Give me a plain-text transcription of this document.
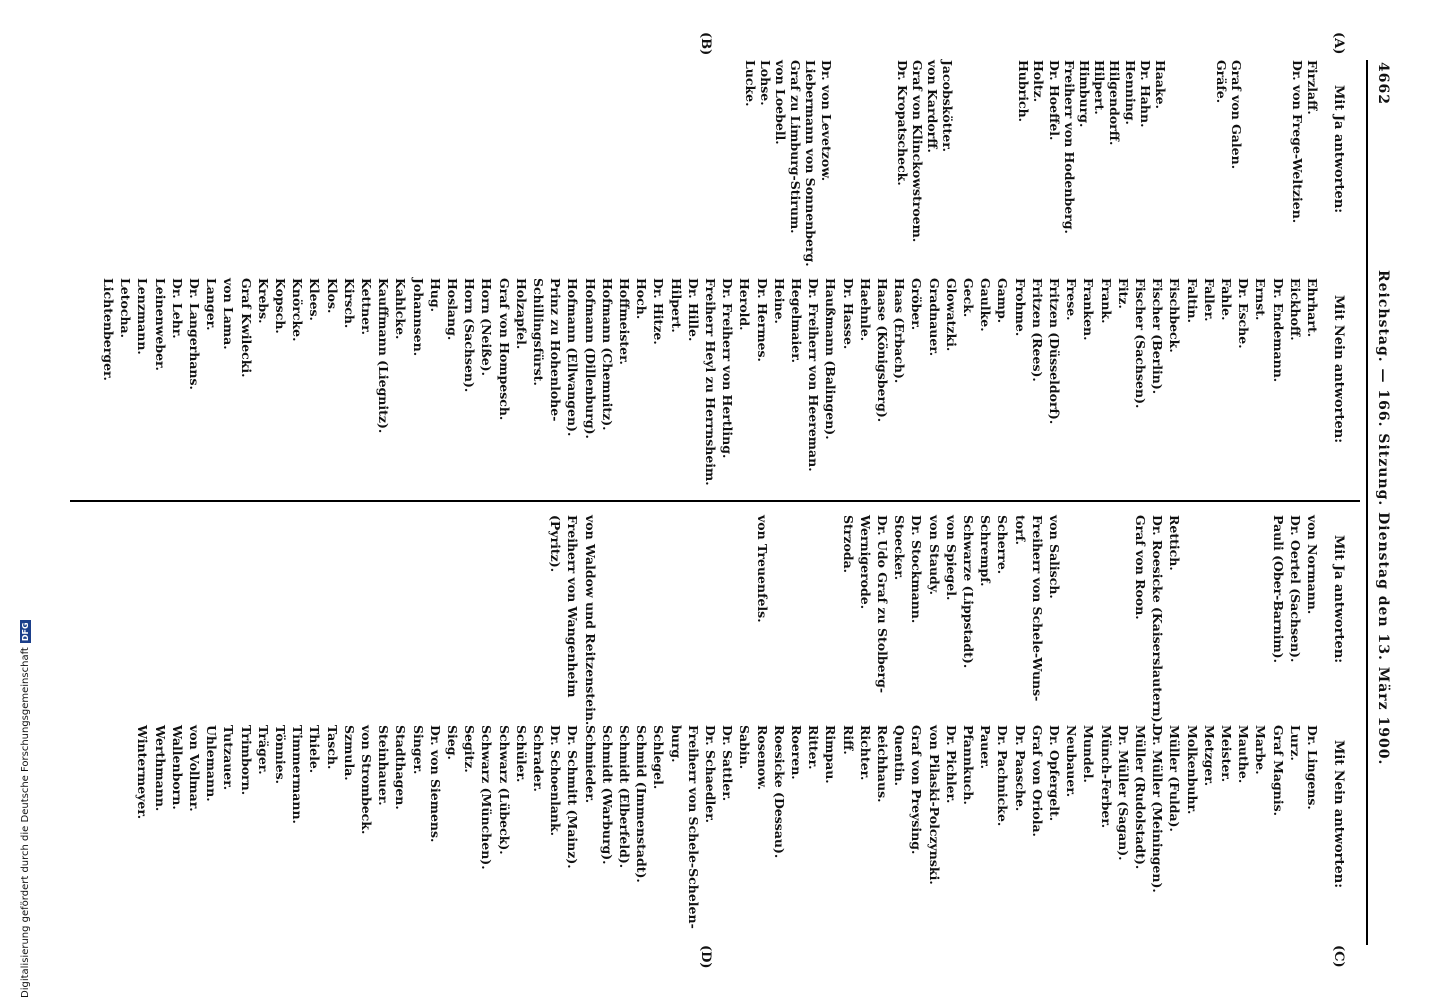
4662
Reichstag. — 166. Sitzung. Dienstag den 13. März 1900.
(A)
(B)
(C)
(D)
Mit Ja antworten:
Mit Nein antworten:
Mit Ja antworten:
Mit Nein antworten:
Firzlaff.
Dr. von Frege-Weltzien.
Graf von Galen.
Gräfe.
Haake.
Dr. Hahn.
Henning.
Hilgendorff.
Hilpert.
Himburg.
Freiherr von Hodenberg.
Dr. Hoeffel.
Holtz.
Hubrich.
Jacobskötter.
von Kardorff.
Graf von Klinckowstroem.
Dr. Kropatscheck.
Dr. von Levetzow.
Liebermann von Sonnenberg.
Graf zu Limburg-Stirum.
von Loebell.
Lohse.
Lucke.
Ehrhart.
Eickhoff.
Dr. Endemann.
Ernst.
Dr. Esche.
Fahle.
Faller.
Faltin.
Fischbeck.
Fischer (Berlin).
Fischer (Sachsen).
Fitz.
Frank.
Franken.
Frese.
Fritzen (Düsseldorf).
Fritzen (Rees).
Frohme.
Gamp.
Gaulke.
Geck.
Glowatzki.
Gradnauer.
Gröber.
Haas (Erbach).
Haase (Königsberg).
Haehnle.
Dr. Hasse.
Haußmann (Balingen).
Dr. Freiherr von Heereman.
Hegelmaier.
Heine.
Dr. Hermes.
Herold.
Dr. Freiherr von Hertling.
Freiherr Heyl zu Herrnsheim.
Dr. Hille.
Hilpert.
Dr. Hitze.
Hoch.
Hoffmeister.
Hofmann (Chemnitz).
Hofmann (Dillenburg).
Hofmann (Ellwangen).
Prinz zu Hohenlohe-
Schillingsfürst.
Holzapfel.
Graf von Hompesch.
Horn (Neiße).
Horn (Sachsen).
Hoslang.
Hug.
Johannsen.
Kahlcke.
Kauffmann (Liegnitz).
Kettner.
Kirsch.
Klos.
Klees.
Knörcke.
Kopsch.
Krebs.
Graf Kwilecki.
von Lama.
Langer.
Dr. Langerhans.
Dr. Lehr.
Leinenweber.
Lenzmann.
Letocha.
Lichtenberger.
von Normann.
Dr. Oertel (Sachsen).
Pauli (Ober-Barnim).
Rettich.
Dr. Roesicke (Kaiserslautern).
Graf von Roon.
von Salisch.
Freiherr von Schele-Wuns-
torf.
Scherre.
Schrempf.
Schwarze (Lippstadt).
von Spiegel.
von Staudy.
Dr. Stockmann.
Stoecker.
Dr. Udo Graf zu Stolberg-
Wernigerode.
Strzoda.
von Treuenfels.
von Waldow und Reitzenstein.
Freiherr von Wangenheim
(Pyritz).
Dr. Lingens.
Lurz.
Graf Magnis.
Marbe.
Mauthe.
Meister.
Metzger.
Molkenbuhr.
Müller (Fulda).
Dr. Müller (Meiningen).
Müller (Rudolstadt).
Dr. Müller (Sagan).
Münch-Ferber.
Mundel.
Neubauer.
Dr. Opfergelt.
Graf von Oriola.
Dr. Paasche.
Dr. Pachnicke.
Pauer.
Pfannkuch.
Dr. Pichler.
von Pilaski-Polczynski.
Graf von Preysing.
Quentin.
Reichhaus.
Richter.
Riff.
Rimpau.
Ritter.
Roeren.
Roesicke (Dessau).
Rosenow.
Sabin.
Dr. Sattler.
Dr. Schaedler.
Freiherr von Schele-Schelen-
burg.
Schlegel.
Schmid (Immenstadt).
Schmidt (Elberfeld).
Schmidt (Warburg).
Schmieder.
Dr. Schmitt (Mainz).
Dr. Schoenlank.
Schrader.
Schüler.
Schwarz (Lübeck).
Schwarz (München).
Segitz.
Sieg.
Dr. von Siemens.
Singer.
Stadthagen.
Steinhauer.
von Strombeck.
Szmula.
Tasch.
Thiele.
Timmermann.
Tönnies.
Träger.
Trimborn.
Tutzauer.
Uhlemann.
von Vollmar.
Wallenborn.
Werthmann.
Wintermeyer.
Digitalisierung gefördert durch die Deutsche ForschungsgemeinschaftDFG
